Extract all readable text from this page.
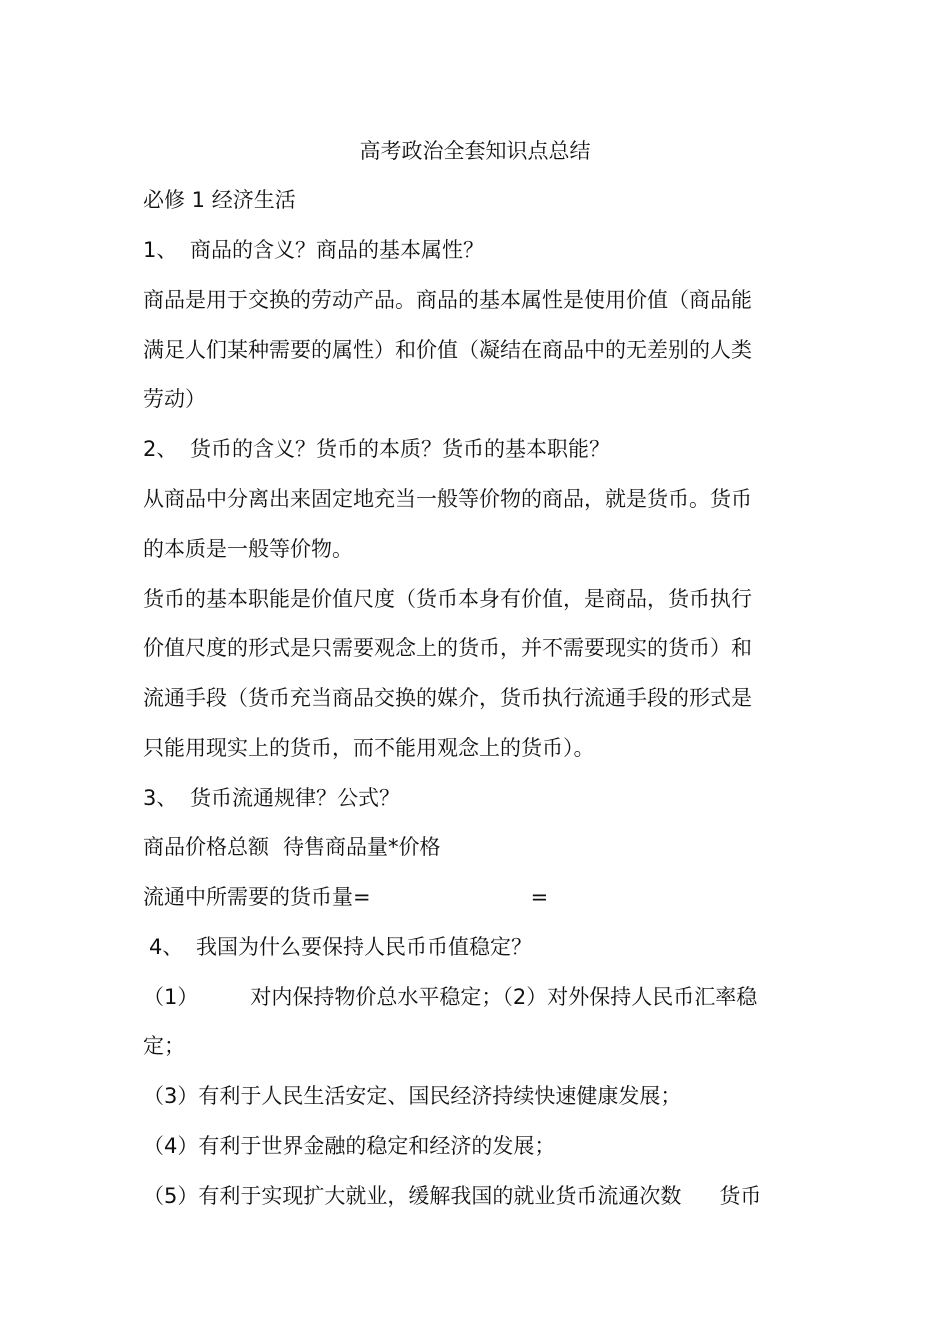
高考政治全套知识点总结
必修 1 经济生活
1、 商品的含义？商品的基本属性？
商品是用于交换的劳动产品。商品的基本属性是使用价值（商品能
满足人们某种需要的属性）和价值（凝结在商品中的无差别的人类
劳动）
2、 货币的含义？货币的本质？货币的基本职能？
从商品中分离出来固定地充当一般等价物的商品，就是货币。货币
的本质是一般等价物。
货币的基本职能是价值尺度（货币本身有价值，是商品，货币执行
价值尺度的形式是只需要观念上的货币，并不需要现实的货币）和
流通手段（货币充当商品交换的媒介，货币执行流通手段的形式是
只能用现实上的货币，而不能用观念上的货币）。
3、 货币流通规律？公式？
商品价格总额 待售商品量*价格
流通中所需要的货币量=	=
4、 我国为什么要保持人民币币值稳定？
（1） 对内保持物价总水平稳定；（2）对外保持人民币汇率稳
定；
（3）有利于人民生活安定、国民经济持续快速健康发展；
（4）有利于世界金融的稳定和经济的发展；
（5）有利于实现扩大就业，缓解我国的就业货币流通次数 货币
